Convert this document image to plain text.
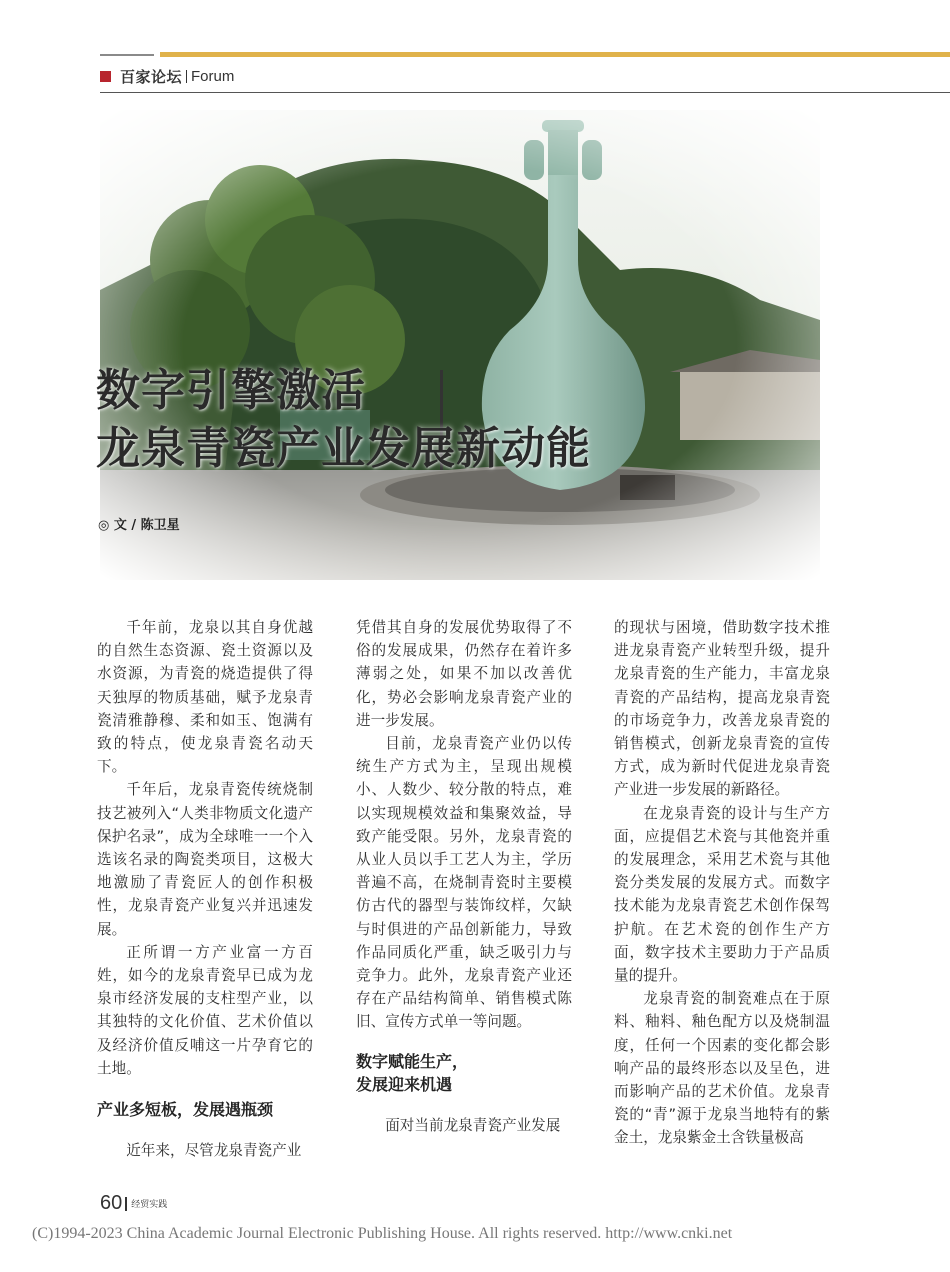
百家论坛 Forum
数字引擎激活
龙泉青瓷产业发展新动能
◎ 文 / 陈卫星

千年前，龙泉以其自身优越的自然生态资源、瓷土资源以及水资源，为青瓷的烧造提供了得天独厚的物质基础，赋予龙泉青瓷清雅静穆、柔和如玉、饱满有致的特点，使龙泉青瓷名动天下。

千年后，龙泉青瓷传统烧制技艺被列入“人类非物质文化遗产保护名录”，成为全球唯一一个入选该名录的陶瓷类项目，这极大地激励了青瓷匠人的创作积极性，龙泉青瓷产业复兴并迅速发展。

正所谓一方产业富一方百姓，如今的龙泉青瓷早已成为龙泉市经济发展的支柱型产业，以其独特的文化价值、艺术价值以及经济价值反哺这一片孕育它的土地。

产业多短板，发展遇瓶颈

近年来，尽管龙泉青瓷产业

凭借其自身的发展优势取得了不俗的发展成果，仍然存在着许多薄弱之处，如果不加以改善优化，势必会影响龙泉青瓷产业的进一步发展。

目前，龙泉青瓷产业仍以传统生产方式为主，呈现出规模小、人数少、较分散的特点，难以实现规模效益和集聚效益，导致产能受限。另外，龙泉青瓷的从业人员以手工艺人为主，学历普遍不高，在烧制青瓷时主要模仿古代的器型与装饰纹样，欠缺与时俱进的产品创新能力，导致作品同质化严重，缺乏吸引力与竞争力。此外，龙泉青瓷产业还存在产品结构简单、销售模式陈旧、宣传方式单一等问题。

数字赋能生产，
发展迎来机遇

面对当前龙泉青瓷产业发展

的现状与困境，借助数字技术推进龙泉青瓷产业转型升级，提升龙泉青瓷的生产能力，丰富龙泉青瓷的产品结构，提高龙泉青瓷的市场竞争力，改善龙泉青瓷的销售模式，创新龙泉青瓷的宣传方式，成为新时代促进龙泉青瓷产业进一步发展的新路径。

在龙泉青瓷的设计与生产方面，应提倡艺术瓷与其他瓷并重的发展理念，采用艺术瓷与其他瓷分类发展的发展方式。而数字技术能为龙泉青瓷艺术创作保驾护航。在艺术瓷的创作生产方面，数字技术主要助力于产品质量的提升。

龙泉青瓷的制瓷难点在于原料、釉料、釉色配方以及烧制温度，任何一个因素的变化都会影响产品的最终形态以及呈色，进而影响产品的艺术价值。龙泉青瓷的“青”源于龙泉当地特有的紫金土，龙泉紫金土含铁量极高

60 经贸实践
(C)1994-2023 China Academic Journal Electronic Publishing House. All rights reserved. http://www.cnki.net
